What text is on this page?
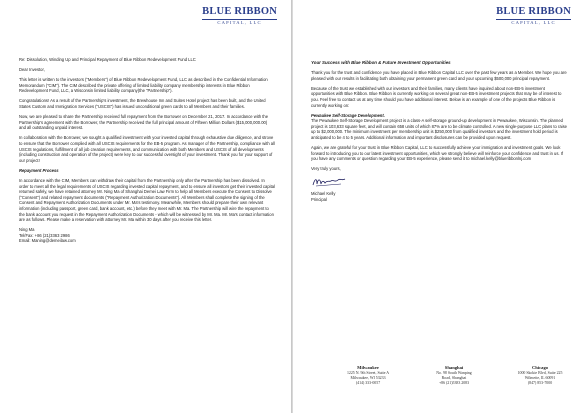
BLUE RIBBON
CAPITAL, LLC

Re: Dissolution, Winding Up and Principal Repayment of Blue Ribbon Redevelopment Fund LLC

Dear Investor,

This letter is written to the investors ("Members") of Blue Ribbon Redevelopment Fund, LLC as described in the Confidential Information Memorandum ("CIM"). The CIM described the private offering of limited liability company membership interests in Blue Ribbon Redevelopment Fund, LLC, a Wisconsin limited liability company(the "Partnership").

Congratulations! As a result of the Partnership's investment, the Brewhouse Inn and Suites Hotel project has been built, and the United States Custom and Immigration Services ("USCIS") has issued unconditional green cards to all Members and their families.

Now, we are pleased to share the Partnership received full repayment from the Borrower on December 21, 2017. In accordance with the Partnership's agreement with the Borrower, the Partnership received the full principal amount of Fifteen Million Dollars ($15,000,000.00) and all outstanding unpaid interest.

In collaboration with the Borrower, we sought a qualified investment with your invested capital through exhaustive due diligence, and strove to ensure that the Borrower complied with all USCIS requirements for the EB-5 program. As manager of the Partnership, compliance with all USCIS regulations, fulfillment of all job creation requirements, and communication with both Members and USCIS of all developments (including construction and operation of the project) were key to our successful oversight of your investment. Thank you for your support of our project!

Repayment Process

In accordance with the CIM, Members can withdraw their capital from the Partnership only after the Partnership has been dissolved. In order to meet all the legal requirements of USCIS regarding invested capital repayment, and to ensure all investors get their invested capital returned safely, we have retained attorney Mr. Ning Ma of Shanghai Demei Law Firm to help all Members execute the Consent to Dissolve ("Consent") and related repayment documents ("Repayment Authorization Documents"). All Members shall complete the signing of the Consent and Repayment Authorization Documents under Mr. Ma's testimony. Meanwhile, Members should prepare their own relevant information (including passport, green card, bank account, etc.) before they meet with Mr. Ma. The Partnership will wire the repayment to the bank account you request in the Repayment Authorization Documents - which will be witnessed by Mr. Ma. Mr. Ma's contact information are as follows. Please make a reservation with attorney Mr. Ma within 30 days after you receive this letter.

Ning Ma

Tel/Fax: +86 (21)3363 2986

Email: Maning@demeilaw.com

BLUE RIBBON
CAPITAL, LLC

Your Success with Blue Ribbon & Future Investment Opportunities

Thank you for the trust and confidence you have placed in Blue Ribbon Capital LLC over the past few years as a Member. We hope you are pleased with our results in facilitating both obtaining your permanent green card and your upcoming $500,000 principal repayment.

Because of the trust we established with our investors and their families, many clients have inquired about non-EB-5 investment opportunities with Blue Ribbon. Blue Ribbon is currently working on several great non-EB-5 investment projects that may be of interest to you. Feel free to contact us at any time should you have additional interest. Below is an example of one of the projects Blue Ribbon is currently working on:

Pewaukee Self-Storage Development.

The Pewaukee Self-Storage Development project is a class-A self-storage ground-up development in Pewaukee, Wisconsin. The planned project is 103,633 square feet, and will contain 658 units of which 87% are to be climate controlled. A new single-purpose LLC plans to raise up to $2,000,000. The minimum investment per membership unit is $250,000 from qualified investors and the investment hold period is anticipated to be 4 to 5 years. Additional information and important disclosures can be provided upon request.

Again, we are grateful for your trust in Blue Ribbon Capital, LLC to successfully achieve your immigration and investment goals. We look forward to introducing you to our latest investment opportunities, which we strongly believe will reinforce your confidence and trust in us. If you have any comments or question regarding your EB-5 experience, please send it to michael.kelly@blueribbonlnj.com

Very truly yours,

Michael Kelly

Principal

Milwaukee
1225 N. 9th Street, Suite A
Milwaukee, WI 53233
(414) 333-0057
Shanghai
No. 98 South Wanping
Road, Shanghai
+86 (21)5383 2083
Chicago
1000 Skokie Blvd, Suite 225
Wilmette, IL 60091
(847) 853-7000
